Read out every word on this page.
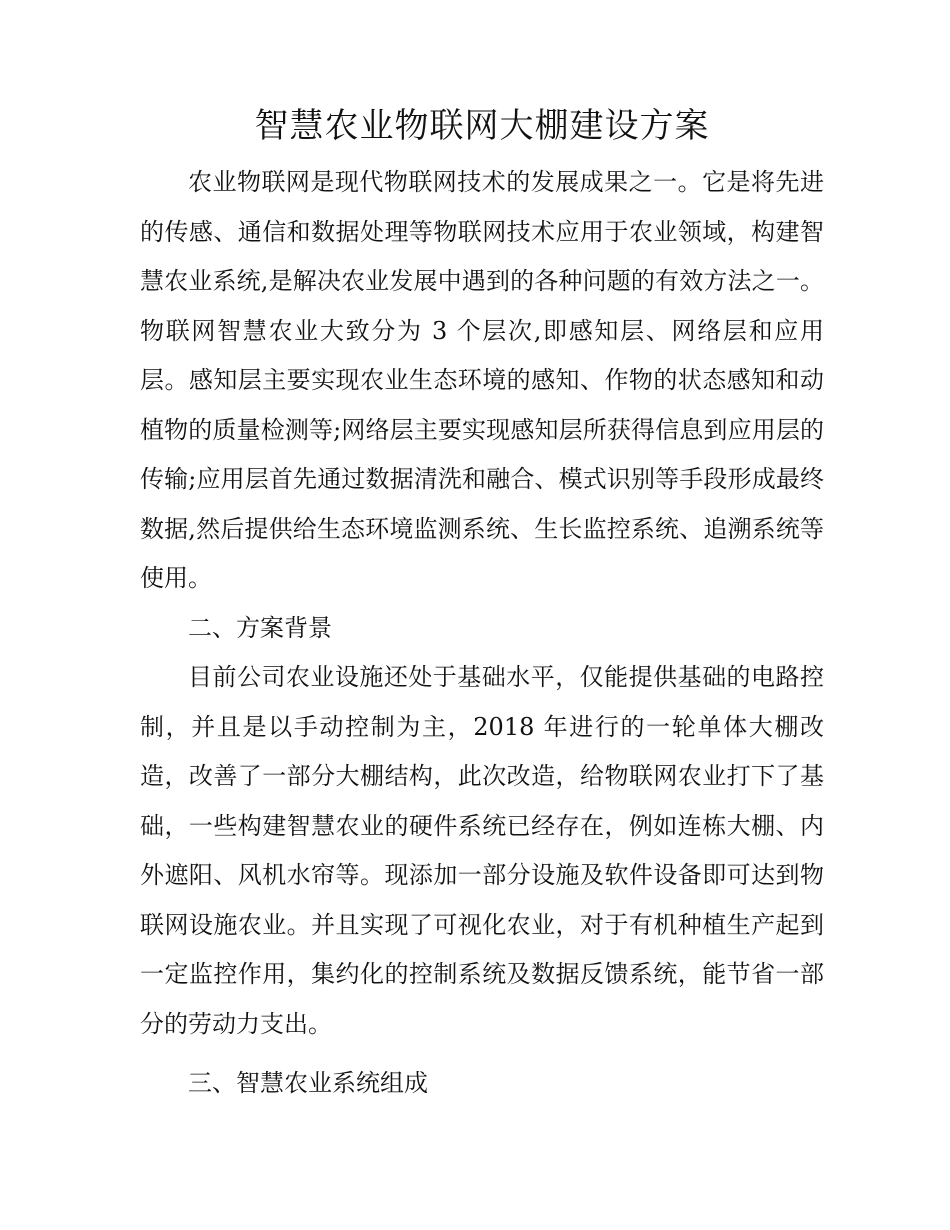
智慧农业物联网大棚建设方案

农业物联网是现代物联网技术的发展成果之一。它是将先进的传感、通信和数据处理等物联网技术应用于农业领域，构建智慧农业系统,是解决农业发展中遇到的各种问题的有效方法之一。物联网智慧农业大致分为 3 个层次,即感知层、网络层和应用层。感知层主要实现农业生态环境的感知、作物的状态感知和动植物的质量检测等;网络层主要实现感知层所获得信息到应用层的传输;应用层首先通过数据清洗和融合、模式识别等手段形成最终数据,然后提供给生态环境监测系统、生长监控系统、追溯系统等使用。

二、方案背景

目前公司农业设施还处于基础水平，仅能提供基础的电路控制，并且是以手动控制为主，2018 年进行的一轮单体大棚改造，改善了一部分大棚结构，此次改造，给物联网农业打下了基础，一些构建智慧农业的硬件系统已经存在，例如连栋大棚、内外遮阳、风机水帘等。现添加一部分设施及软件设备即可达到物联网设施农业。并且实现了可视化农业，对于有机种植生产起到一定监控作用，集约化的控制系统及数据反馈系统，能节省一部分的劳动力支出。

三、智慧农业系统组成
